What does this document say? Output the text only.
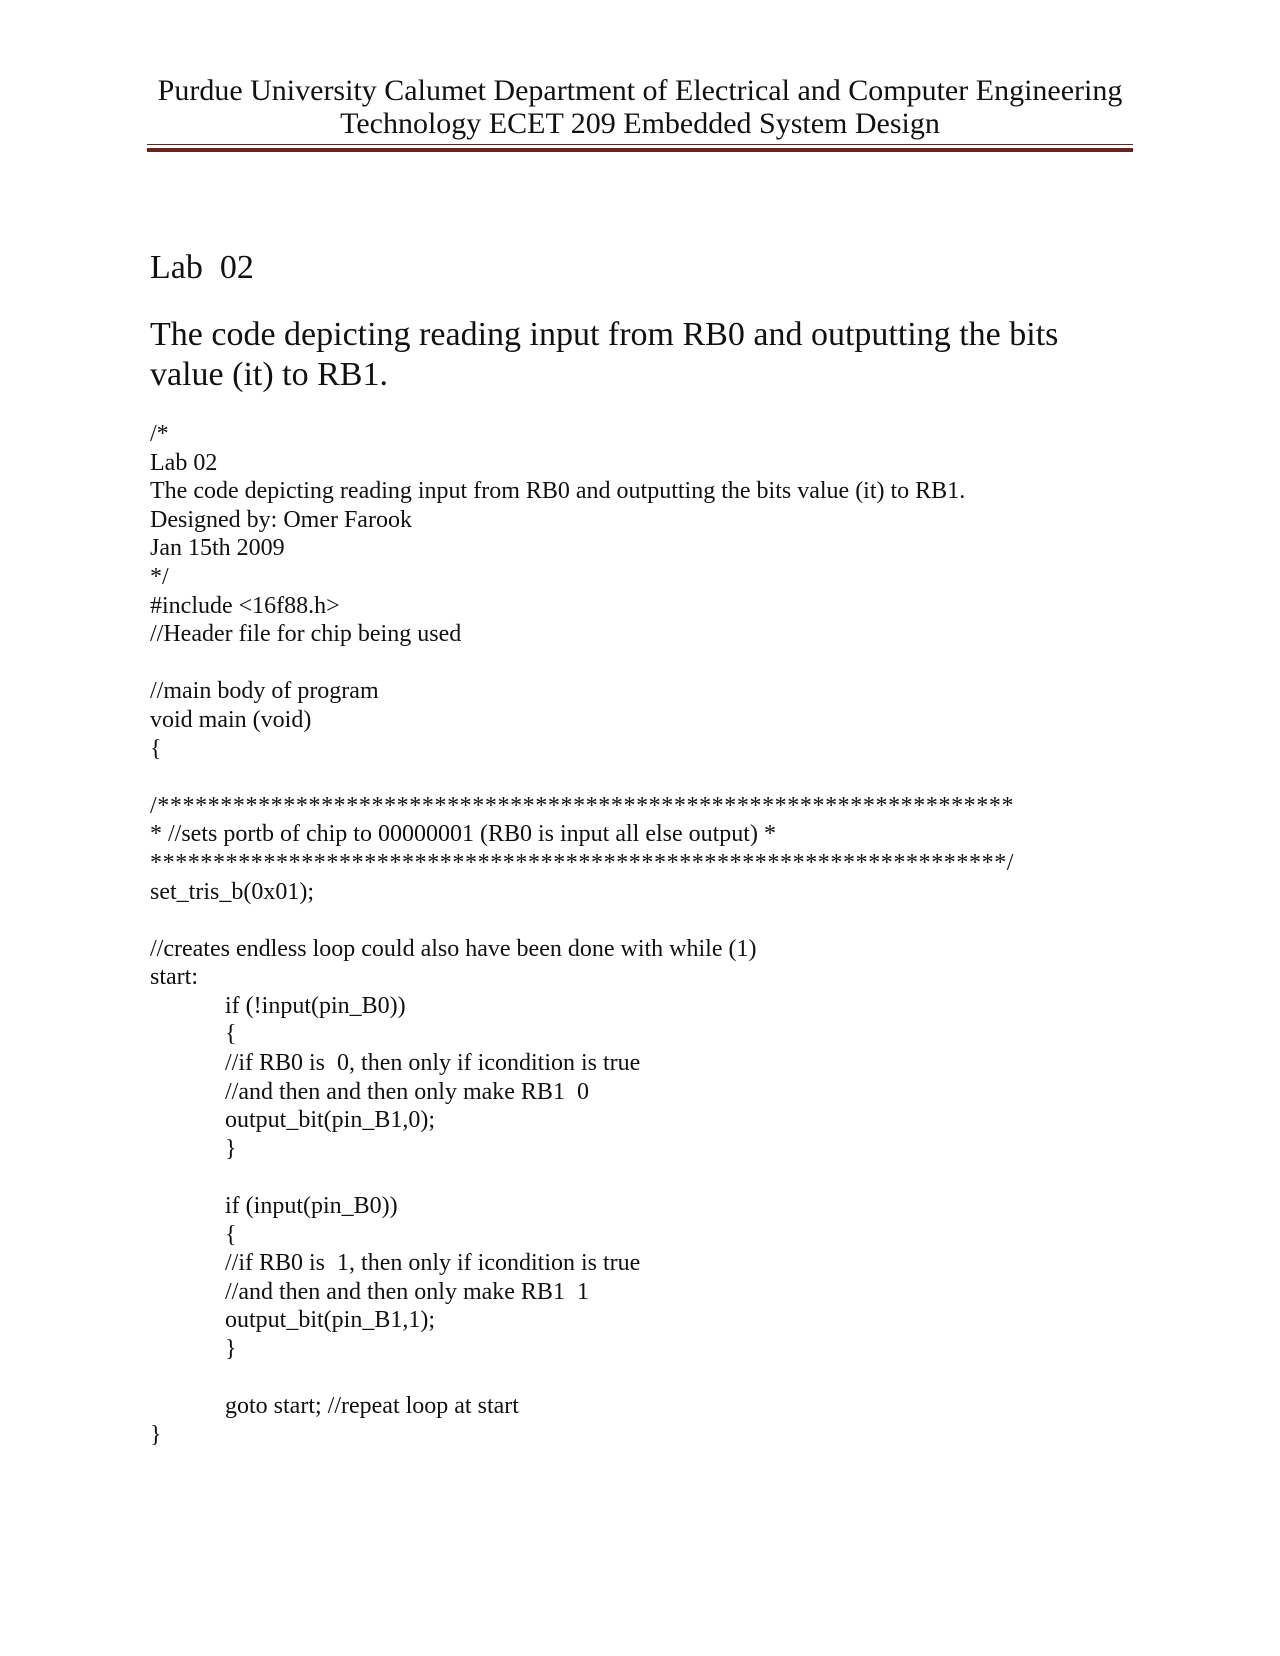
Purdue University Calumet Department of Electrical and Computer Engineering
Technology ECET 209 Embedded System Design
Lab  02
The code depicting reading input from RB0 and outputting the bits value (it) to RB1.
/*
Lab 02
The code depicting reading input from RB0 and outputting the bits value (it) to RB1.
Designed by: Omer Farook
Jan 15th 2009
*/
#include <16f88.h>
//Header file for chip being used
//main body of program
void main (void)
{
/********************************************************************
* //sets portb of chip to 00000001 (RB0 is input all else output) *
********************************************************************/
set_tris_b(0x01);
//creates endless loop could also have been done with while (1)
start:
if (!input(pin_B0))
{
//if RB0 is  0, then only if icondition is true
//and then and then only make RB1  0
output_bit(pin_B1,0);
}
if (input(pin_B0))
{
//if RB0 is  1, then only if icondition is true
//and then and then only make RB1  1
output_bit(pin_B1,1);
}
goto start; //repeat loop at start
}
